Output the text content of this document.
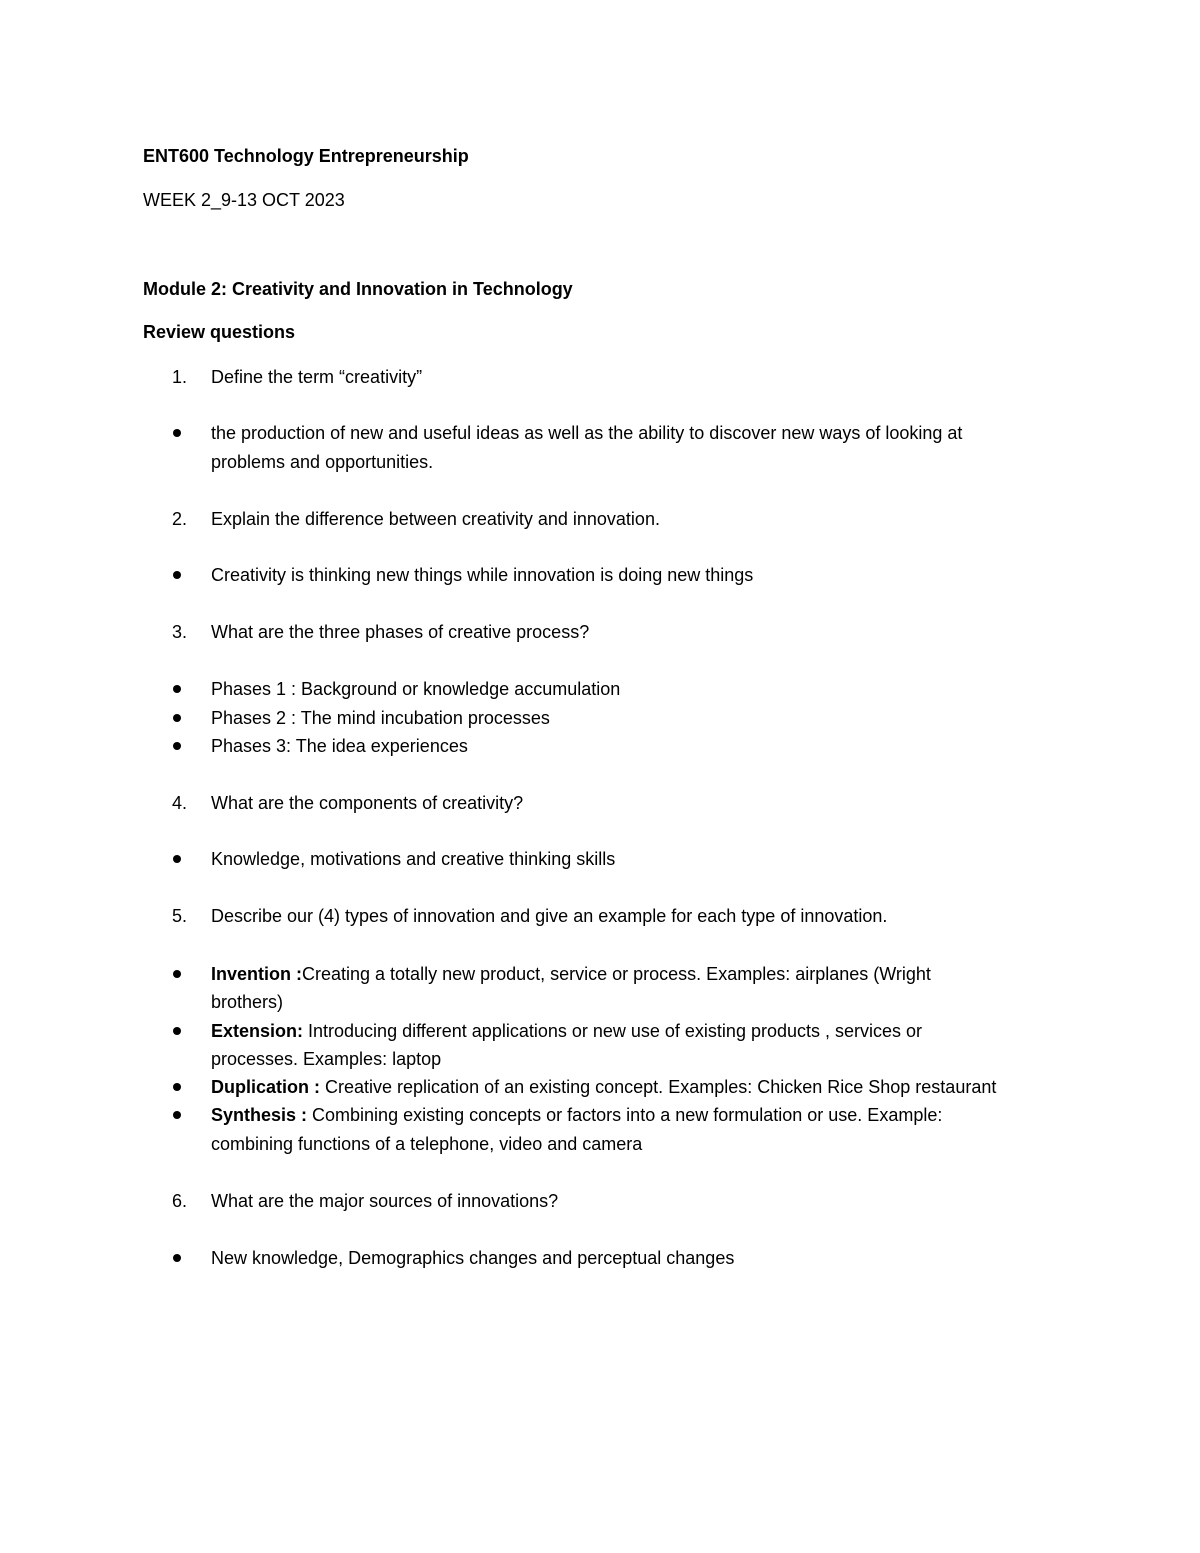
ENT600 Technology Entrepreneurship
WEEK 2_9-13 OCT 2023
Module 2: Creativity and Innovation in Technology
Review questions
1. Define the term “creativity”
the production of new and useful ideas as well as the ability to discover new ways of looking at
problems and opportunities.
2. Explain the difference between creativity and innovation.
Creativity is thinking new things while innovation is doing new things
3. What are the three phases of creative process?
Phases 1 : Background or knowledge accumulation
Phases 2 : The mind incubation processes
Phases 3: The idea experiences
4. What are the components of creativity?
Knowledge, motivations and creative thinking skills
5. Describe our (4) types of innovation and give an example for each type of innovation.
Invention :Creating a totally new product, service or process. Examples: airplanes (Wright
brothers)
Extension: Introducing different applications or new use of existing products , services or
processes. Examples: laptop
Duplication : Creative replication of an existing concept. Examples: Chicken Rice Shop restaurant
Synthesis : Combining existing concepts or factors into a new formulation or use. Example:
combining functions of a telephone, video and camera
6. What are the major sources of innovations?
New knowledge, Demographics changes and perceptual changes
